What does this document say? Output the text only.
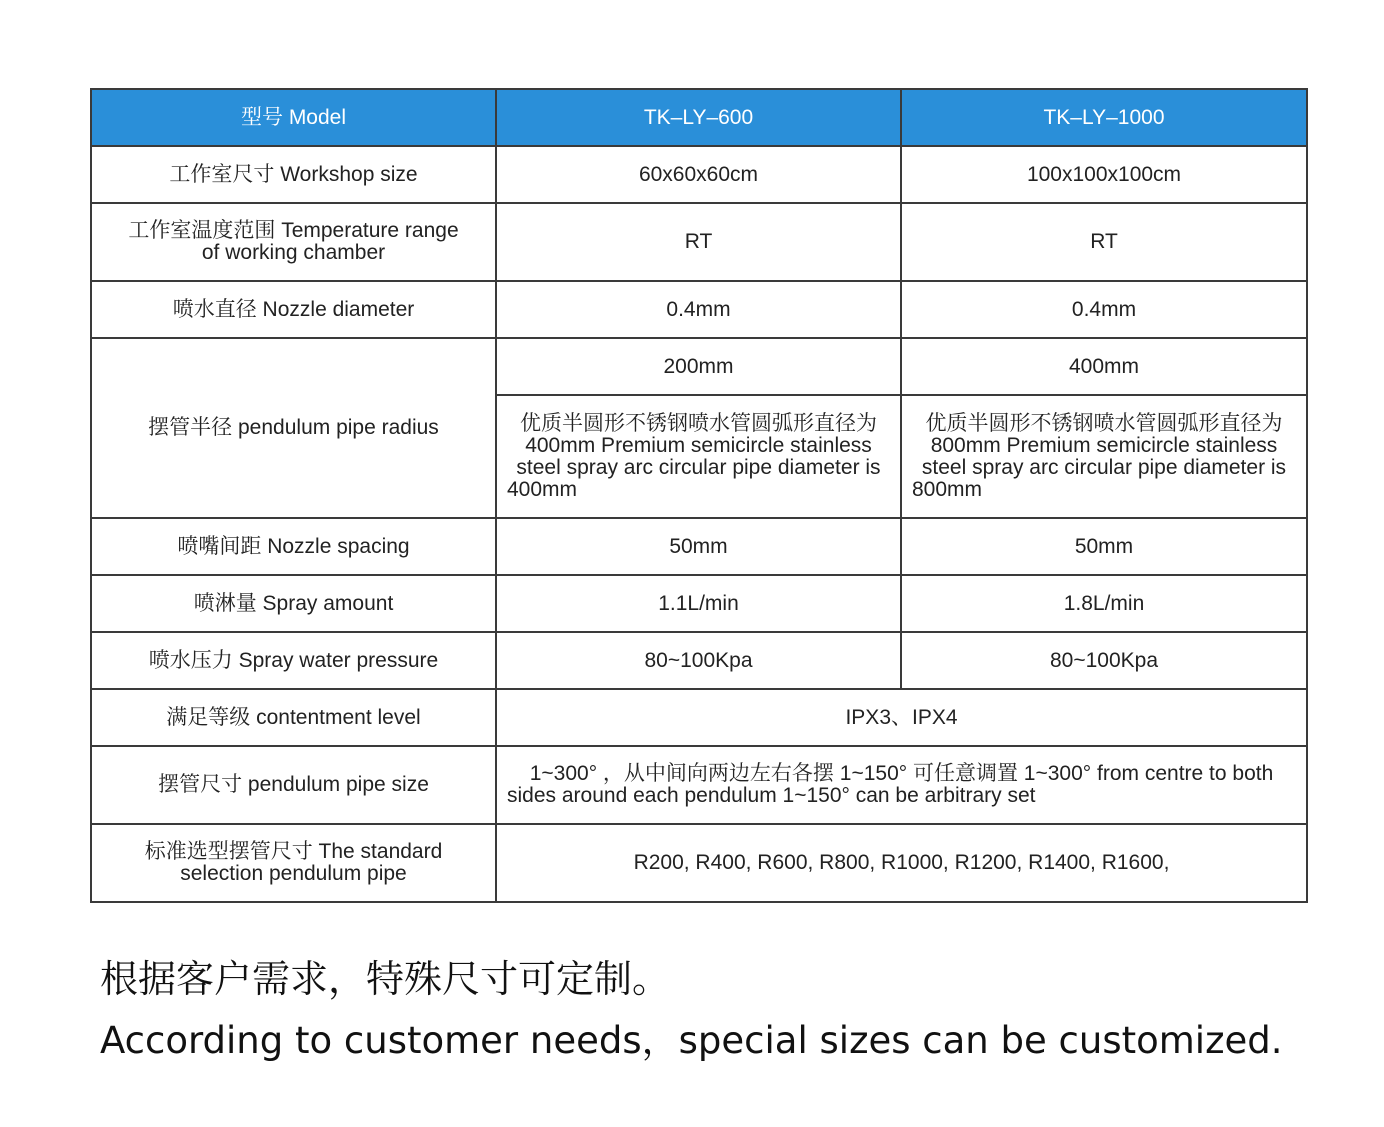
型号 Model	TK–LY–600	TK–LY–1000
工作室尺寸 Workshop size	60x60x60cm	100x100x100cm

工作室温度范围 Temperature range
of working chamber	RT	RT
喷水直径 Nozzle diameter	0.4mm	0.4mm
摆管半径 pendulum pipe radius	200mm	400mm
	优质半圆形不锈钢喷水管圆弧形直径为 400mm Premium semicircle stainless steel spray arc circular pipe diameter is 400mm	优质半圆形不锈钢喷水管圆弧形直径为 800mm Premium semicircle stainless steel spray arc circular pipe diameter is 800mm
喷嘴间距 Nozzle spacing	50mm	50mm
喷淋量 Spray amount	1.1L/min	1.8L/min
喷水压力 Spray water pressure	80~100Kpa	80~100Kpa
满足等级 contentment level	IPX3、IPX4	
摆管尺寸 pendulum pipe size	1~300° ，从中间向两边左右各摆 1~150° 可任意调置 1~300° from centre to both sides around each pendulum 1~150° can be arbitrary set	

标准选型摆管尺寸 The standard
selection pendulum pipe	R200, R400, R600, R800, R1000, R1200, R1400, R1600,	
根据客户需求，特殊尺寸可定制。
According to customer needs，special sizes can be customized.
